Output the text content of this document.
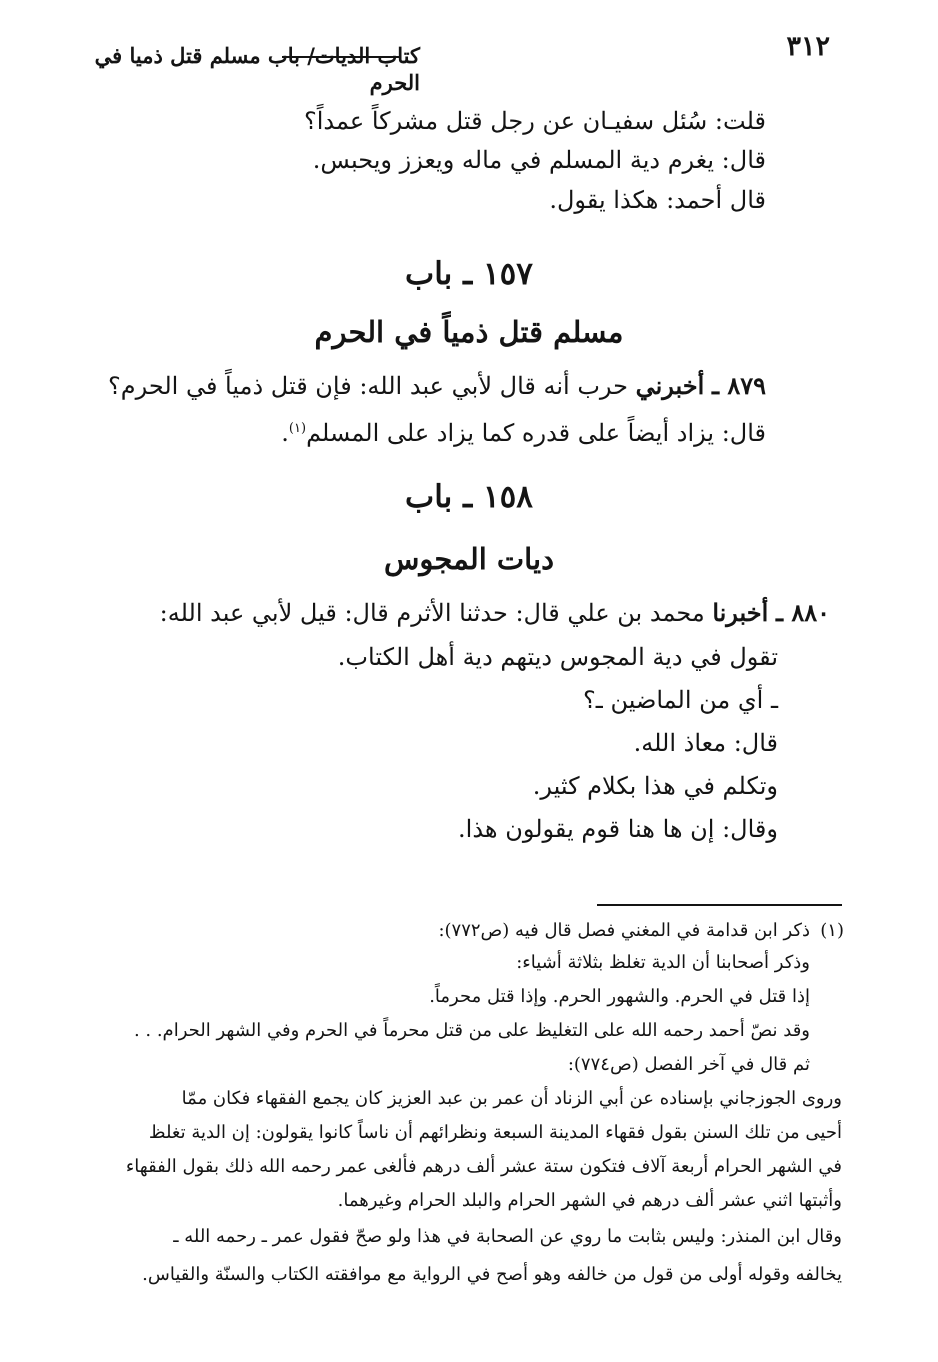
٣١٢
كتاب الديات/ باب مسلم قتل ذميا في الحرم
قلت: سُئل سفيـان عن رجل قتل مشركاً عمداً؟
قال: يغرم دية المسلم في ماله ويعزز ويحبس.
قال أحمد: هكذا يقول.
١٥٧ ـ باب
مسلم قتل ذمياً في الحرم
٨٧٩ ـ أخبرني حرب أنه قال لأبي عبد الله: فإن قتل ذمياً في الحرم؟
قال: يزاد أيضاً على قدره كما يزاد على المسلم$^{(١)}$.
١٥٨ ـ باب
ديات المجوس
٨٨٠ ـ أخبرنا محمد بن علي قال: حدثنا الأثرم قال: قيل لأبي عبد الله:
تقول في دية المجوس ديتهم دية أهل الكتاب.
ـ أي من الماضين ـ؟
قال: معاذ الله.
وتكلم في هذا بكلام كثير.
وقال: إن ها هنا قوم يقولون هذا.
(١)
ذكر ابن قدامة في المغني فصل قال فيه (ص٧٧٢):
وذكر أصحابنا أن الدية تغلظ بثلاثة أشياء:
إذا قتل في الحرم. والشهور الحرم. وإذا قتل محرماً.
وقد نصّ أحمد رحمه الله على التغليظ على من قتل محرماً في الحرم وفي الشهر الحرام. . .
ثم قال في آخر الفصل (ص٧٧٤):
وروى الجوزجاني بإسناده عن أبي الزناد أن عمر بن عبد العزيز كان يجمع الفقهاء فكان ممّا
أحيى من تلك السنن بقول فقهاء المدينة السبعة ونظرائهم أن ناساً كانوا يقولون: إن الدية تغلظ
في الشهر الحرام أربعة آلاف فتكون ستة عشر ألف درهم فألغى عمر رحمه الله ذلك بقول الفقهاء
وأثبتها اثني عشر ألف درهم في الشهر الحرام والبلد الحرام وغيرهما.
وقال ابن المنذر: وليس بثابت ما روي عن الصحابة في هذا ولو صحّ فقول عمر ـ رحمه الله ـ
يخالفه وقوله أولى من قول من خالفه وهو أصح في الرواية مع موافقته الكتاب والسنّة والقياس.
